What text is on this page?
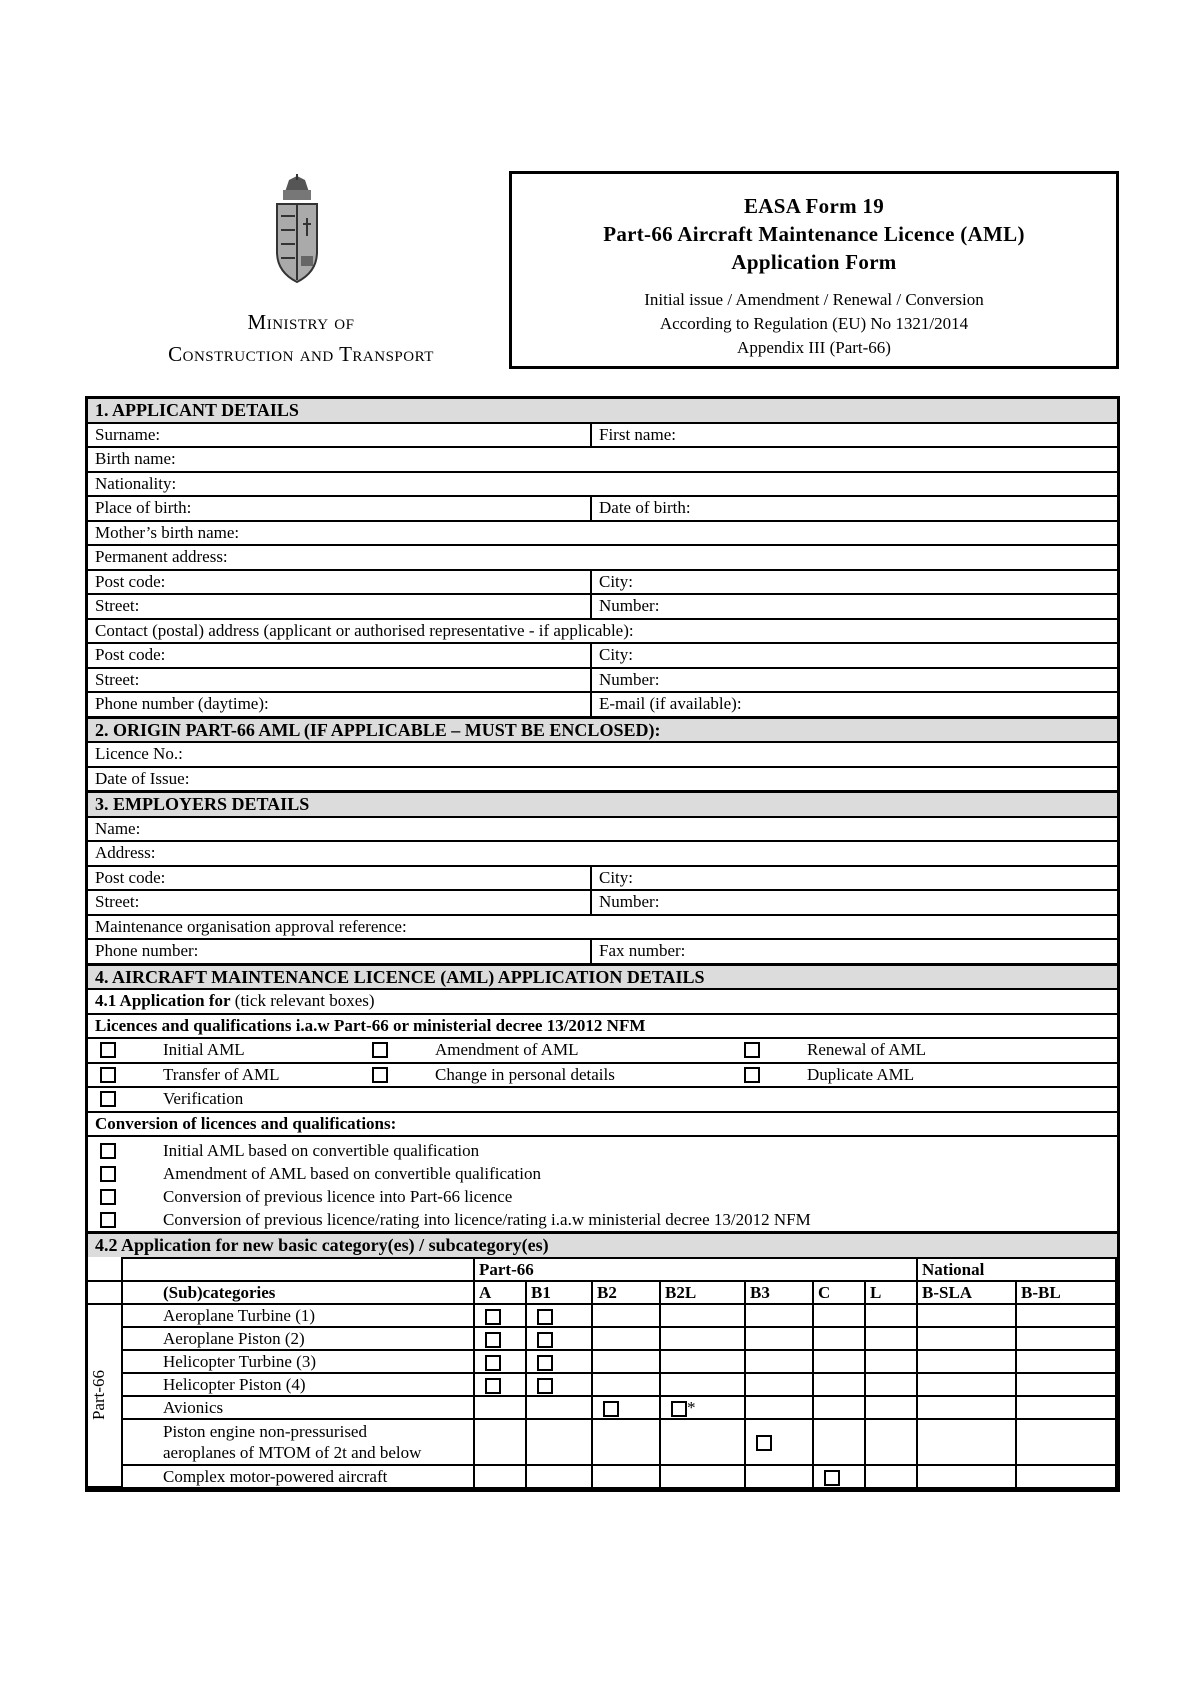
Ministry of
Construction and Transport
EASA Form 19
Part-66 Aircraft Maintenance Licence (AML)
Application Form
Initial issue / Amendment / Renewal / Conversion
According to Regulation (EU) No 1321/2014
Appendix III (Part-66)
1. APPLICANT DETAILS
Surname:	First name:
Birth name:
Nationality:
Place of birth:	Date of birth:
Mother’s birth name:
Permanent address:
Post code:	City:
Street:	Number:
Contact (postal) address (applicant or authorised representative - if applicable):
Post code:	City:
Street:	Number:
Phone number (daytime):	E-mail (if available):
2. ORIGIN PART-66 AML (IF APPLICABLE – MUST BE ENCLOSED):
Licence No.:
Date of Issue:
3. EMPLOYERS DETAILS
Name:
Address:
Post code:	City:
Street:	Number:
Maintenance organisation approval reference:
Phone number:	Fax number:
4. AIRCRAFT MAINTENANCE LICENCE (AML) APPLICATION DETAILS
4.1 Application for (tick relevant boxes)
Licences and qualifications i.a.w Part-66 or ministerial decree 13/2012 NFM
Initial AML	Amendment of AML	Renewal of AML
Transfer of AML	Change in personal details	Duplicate AML
Verification
Conversion of licences and qualifications:
Initial AML based on convertible qualification
Amendment of AML based on convertible qualification
Conversion of previous licence into Part-66 licence
Conversion of previous licence/rating into licence/rating i.a.w ministerial decree 13/2012 NFM
4.2 Application for new basic category(es) / subcategory(es)
		Part-66							National	
	(Sub)categories	A	B1	B2	B2L	B3	C	L	B-SLA	B-BL

Part-66	Aeroplane Turbine (1)									
	Aeroplane Piston (2)									
	Helicopter Turbine (3)									
	Helicopter Piston (4)									
	Avionics				*					
	Piston engine non-pressurised
aeroplanes of MTOM of 2t and below									
	Complex motor-powered aircraft									
